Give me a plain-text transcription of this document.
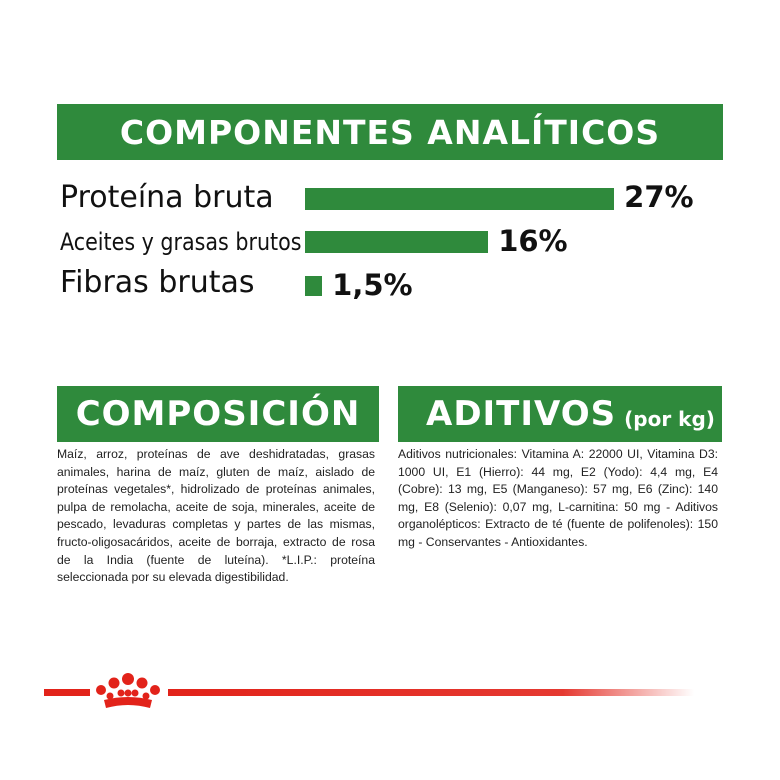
COMPONENTES ANALÍTICOS
Proteína bruta	27%
Aceites y grasas brutos	16%
Fibras brutas	1,5%
COMPOSICIÓN

Maíz, arroz, proteínas de ave deshidratadas, grasas animales, harina de maíz, gluten de maíz, aislado de proteínas vegetales*, hidrolizado de proteínas animales, pulpa de remolacha, aceite de soja, minerales, aceite de pescado, levaduras completas y partes de las mismas, fructo-oligosacáridos, aceite de borraja, extracto de rosa de la India (fuente de luteína). *L.I.P.: proteína seleccionada por su elevada digestibilidad.

ADITIVOS (por kg)

Aditivos nutricionales: Vitamina A: 22000 UI, Vitamina D3: 1000 UI, E1 (Hierro): 44 mg, E2 (Yodo): 4,4 mg, E4 (Cobre): 13 mg, E5 (Manganeso): 57 mg, E6 (Zinc): 140 mg, E8 (Selenio): 0,07 mg, L-carnitina: 50 mg - Aditivos organolépticos: Extracto de té (fuente de polifenoles): 150 mg - Conservantes - Antioxidantes.
